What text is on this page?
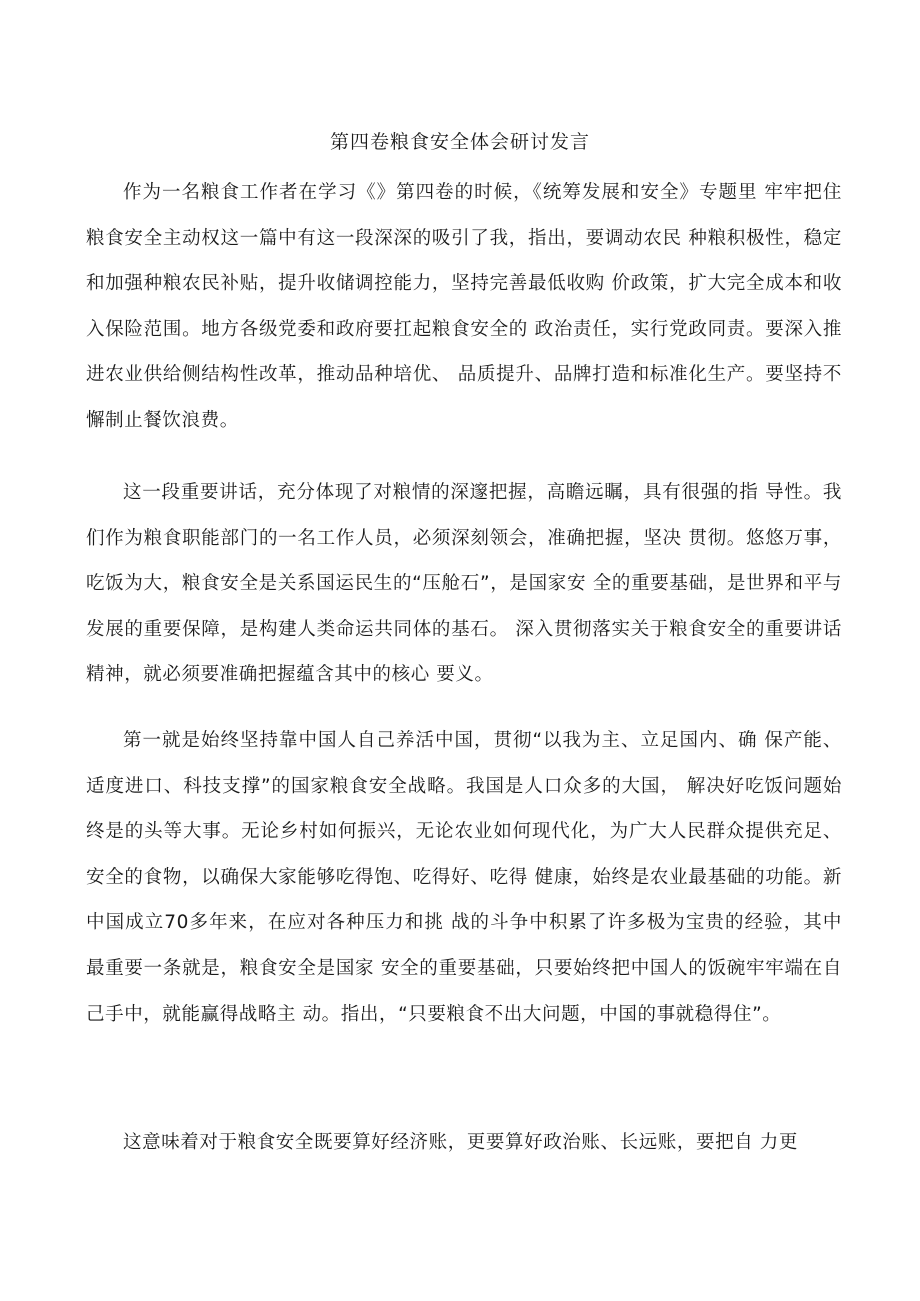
第四卷粮食安全体会研讨发言

作为一名粮食工作者在学习《》第四卷的时候，《统筹发展和安全》专题里 牢牢把住粮食安全主动权这一篇中有这一段深深的吸引了我，指出，要调动农民 种粮积极性，稳定和加强种粮农民补贴，提升收储调控能力，坚持完善最低收购 价政策，扩大完全成本和收入保险范围。地方各级党委和政府要扛起粮食安全的 政治责任，实行党政同责。要深入推进农业供给侧结构性改革，推动品种培优、 品质提升、品牌打造和标准化生产。要坚持不懈制止餐饮浪费。

这一段重要讲话，充分体现了对粮情的深邃把握，高瞻远瞩，具有很强的指 导性。我们作为粮食职能部门的一名工作人员，必须深刻领会，准确把握，坚决 贯彻。悠悠万事，吃饭为大，粮食安全是关系国运民生的“压舱石”，是国家安 全的重要基础，是世界和平与发展的重要保障，是构建人类命运共同体的基石。 深入贯彻落实关于粮食安全的重要讲话精神，就必须要准确把握蕴含其中的核心 要义。

第一就是始终坚持靠中国人自己养活中国，贯彻“以我为主、立足国内、确 保产能、适度进口、科技支撑”的国家粮食安全战略。我国是人口众多的大国， 解决好吃饭问题始终是的头等大事。无论乡村如何振兴，无论农业如何现代化，为广大人民群众提供充足、安全的食物，以确保大家能够吃得饱、吃得好、吃得 健康，始终是农业最基础的功能。新中国成立70多年来，在应对各种压力和挑 战的斗争中积累了许多极为宝贵的经验，其中最重要一条就是，粮食安全是国家 安全的重要基础，只要始终把中国人的饭碗牢牢端在自己手中，就能赢得战略主 动。指出，“只要粮食不出大问题，中国的事就稳得住”。

这意味着对于粮食安全既要算好经济账，更要算好政治账、长远账，要把自 力更
